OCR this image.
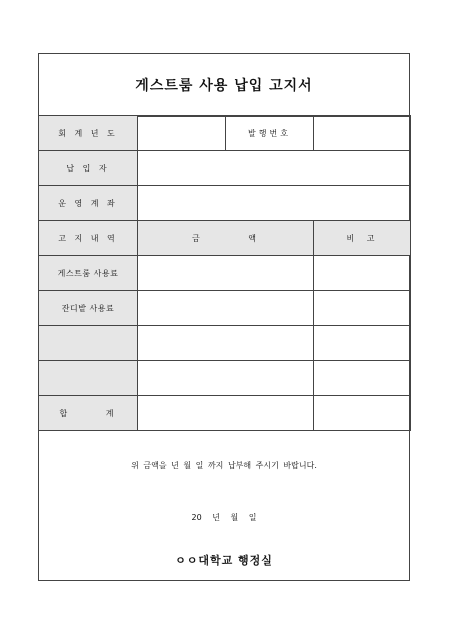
게스트룸 사용 납입 고지서
회 계 년 도		발행번호	
납 입 자			
운 영 계 좌			
고 지 내 역	금 액		비 고
게스트룸 사용료			
잔디밭 사용료			

합 계			
위 금액을 년 월 일 까지 납부해 주시기 바랍니다.
20 년 월 일
ㅇㅇ대학교 행정실
